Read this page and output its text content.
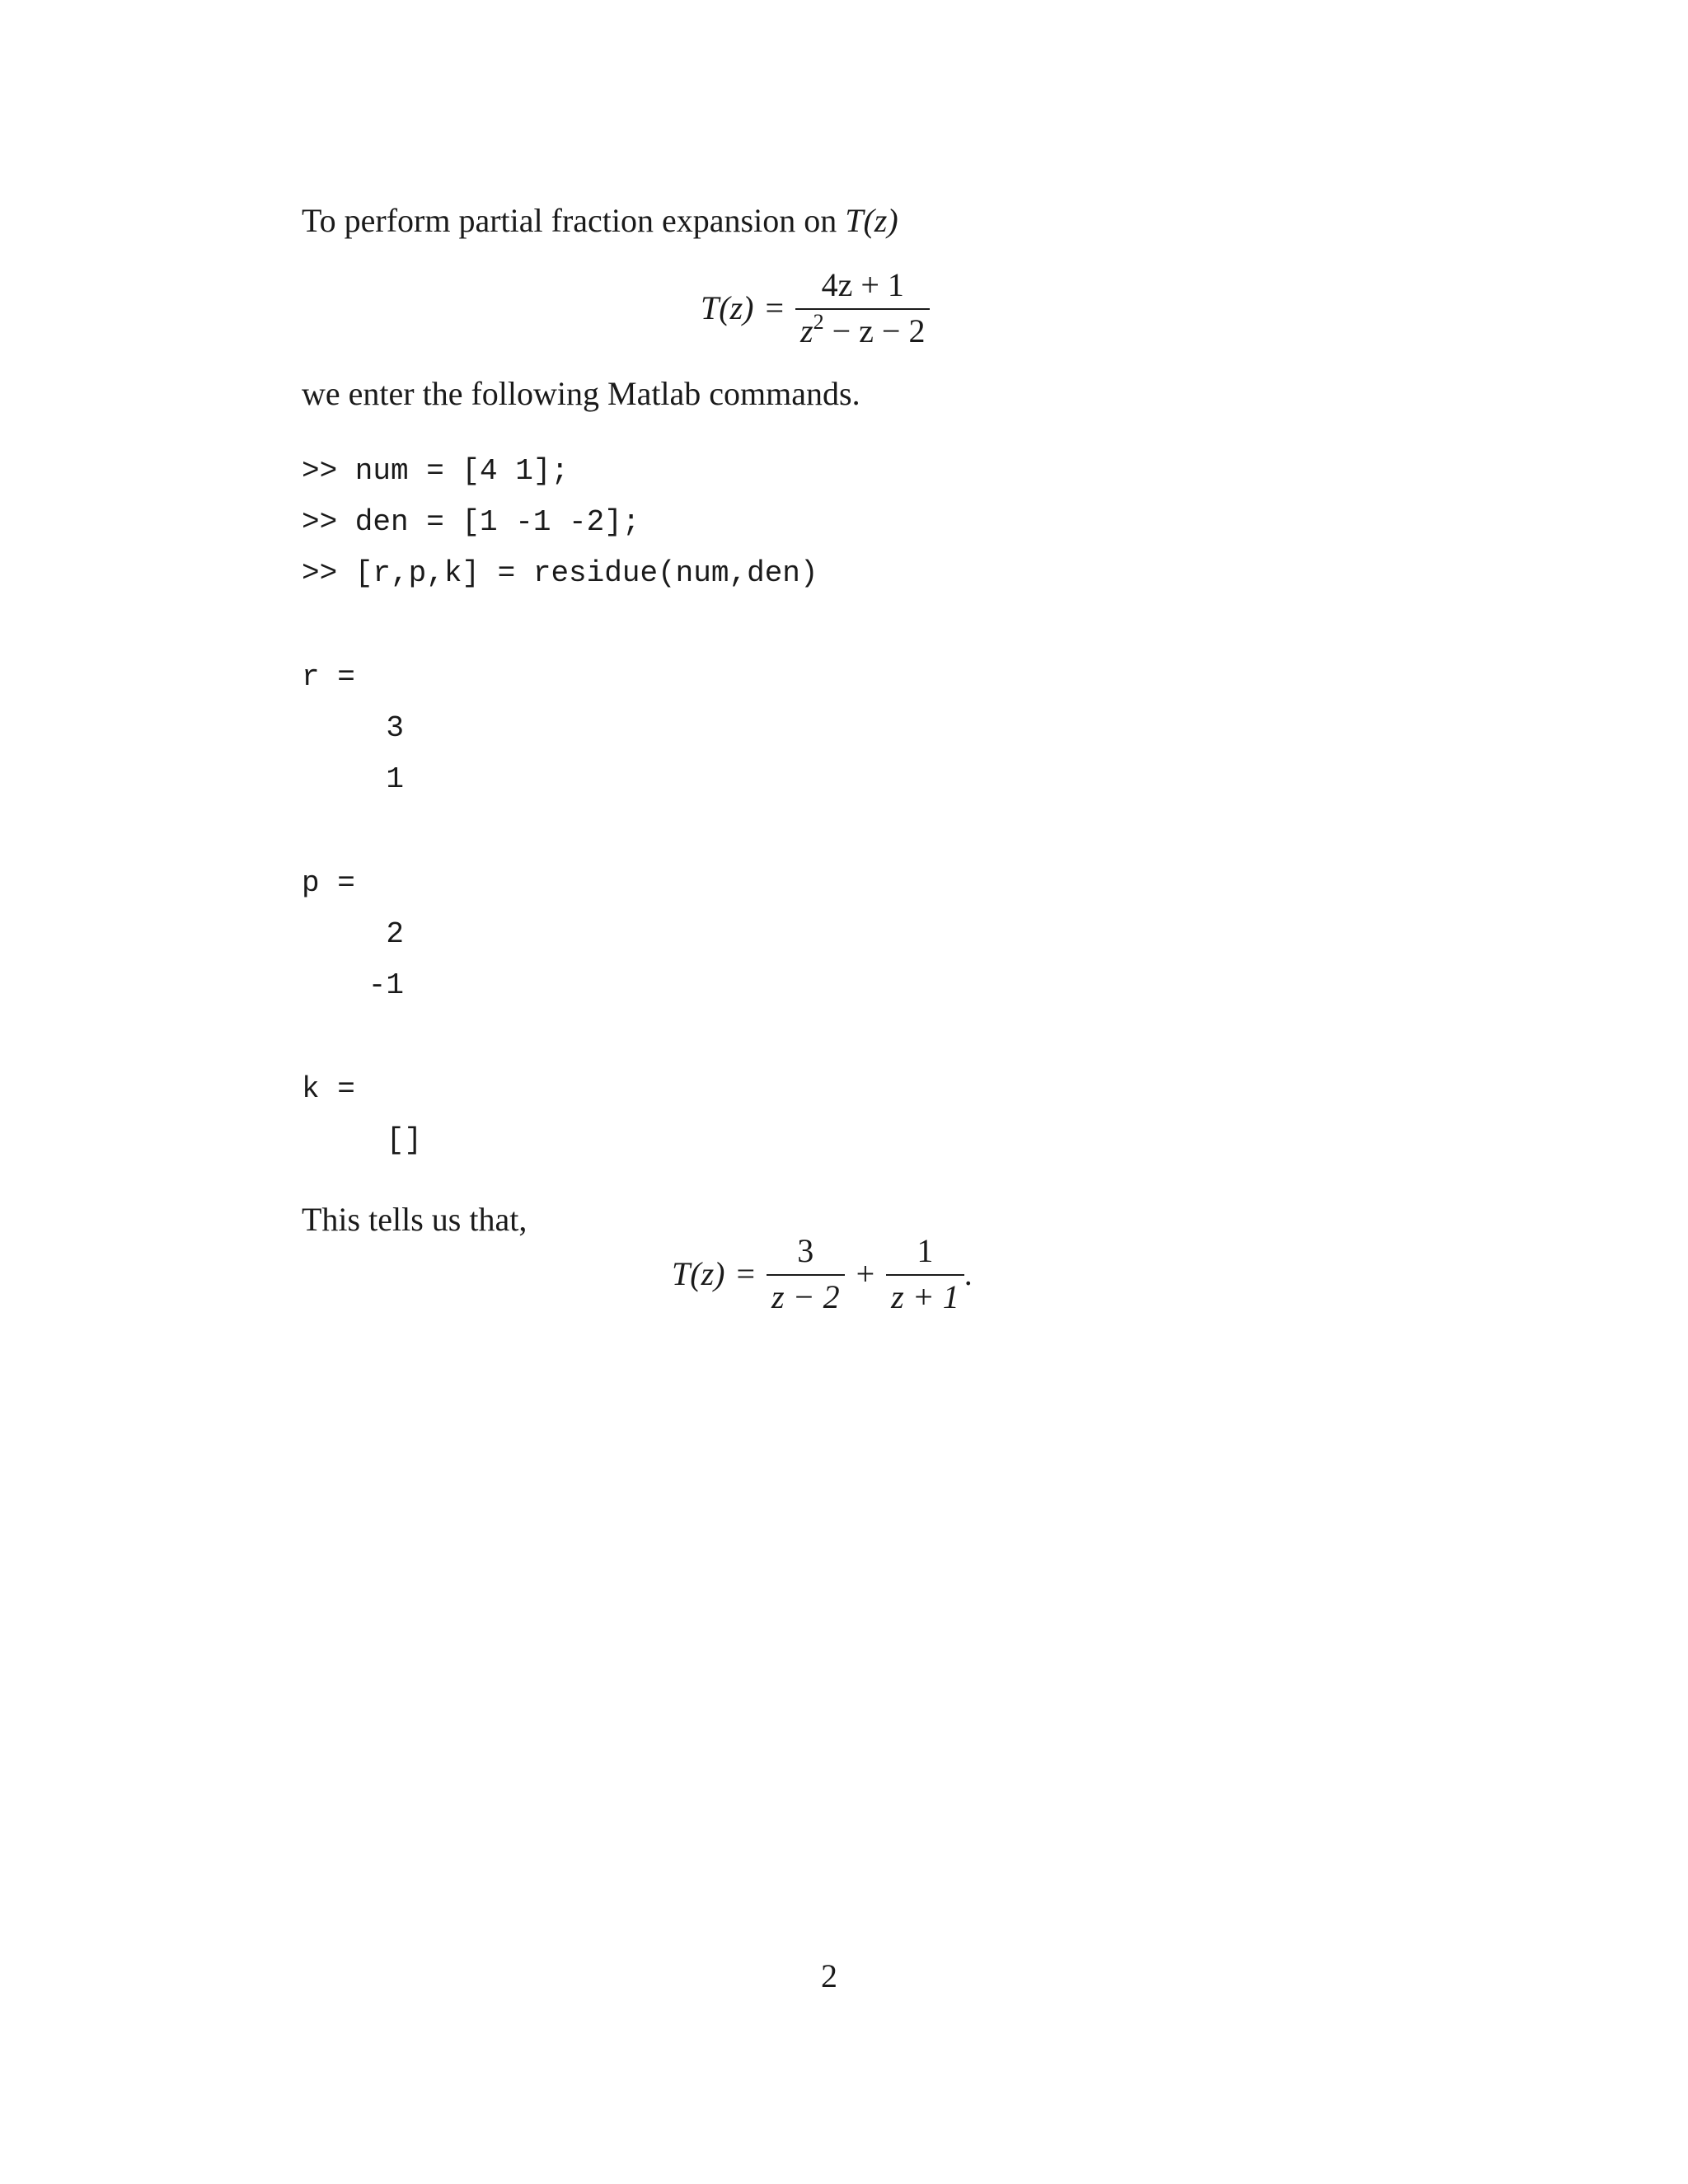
To perform partial fraction expansion on T(z)
$T(z) = \frac{4z + 1}{z^2 - z - 2}$
we enter the following Matlab commands.
>> num = [4 1];
>> den = [1 -1 -2];
>> [r,p,k] = residue(num,den)
r =
3
1
p =
2
-1
k =
[]
This tells us that,
$T(z) = \frac{3}{z - 2} + \frac{1}{z + 1}$ .
2
